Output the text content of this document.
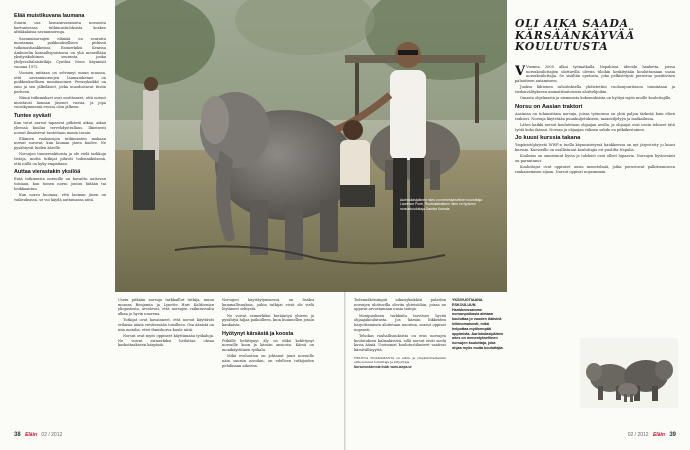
Elää muistikuvana laumana

Suurin osa luonnonvaraisista norsuista kartunteessa tutkimustuloksista koskee afrikkalaisia savannnorsuja.

Savanninorsujen elämää on seurattu muutamaa poikkeuksellisen pitkissä tutkimushankkeissa. Esimerkiksi Kenissa Amboselin kansallispuistossa on yhä meneillään yksityiskohtinen seuranta, jonka yhdysvaltalaistutkija Cynthia Moss käynnisti vuonna 1972.

Vuosien mittaan on selvinnyt muun muassa, että savanninorsujen laumarakenne on poikkeuksellisen monitasoinen. Perusyksikkö on emo ja sen jälkeläiset, jotka muodostavat tiiviin perheen.

Nämä tutkimukset ovat osoittaneet, että norsut muistavat lauman jäsenet vuosia, ja jopa vuosikymmeniä erossa olon jälkeen.

Tuntee syvästi

Kun tutut norsut tapaavat pitkästä aikaa, aikaa yleensä kuuluu tervehdystrallaus. Ilmeisesti norsut ilmaisevat tunteitaan monin tavoin.

Elämien vuoksirujen tutkimusten mukaan norsut suruvat, kun lauman jäsen kuolee. Ne pysähtyvät luiden äärelle.

Norsujen tunnereaktioista ja ole vielä tarkkoja tietoja, mutta tutkijat pitävät todennäköisenä, että niillä on kyky empatiaan.

Auttaa vierastakin yksilöä

Erää tutkimusta norsuille on havaittu auttavan toisiaan, kun toinen norsu joutuu hätään tai loukkaantuu.

Kun norsu huomaa, että lauman jäsen on vaikeuksissa, se voi käydä auttamassa niitä.

Usein pitkään norsuja tarkkaillut tutkija, muun muassa Benjamin ja Lynette Hart Kalifornian yliopistosta, arvelevat, että norsujen vaikutusvalta alkaa jo hyvin nuorena.

Tutkijat ovat havainneet, että norsut käyttävät erilaisia ääniä viestiessään toisilleen. Osa äänistä on niin matalia, ettei ihmiskorva kuule niitä.

Norsut ovat myös oppineet käyttämään työkaluja. Ne voivat esimerkiksi heiluttaa oksaa karkottaakseen kärpäsiä.

Norsujen käyttäytymisessä on lisäksi kummallisuuksia, joihin tutkijat eivät ole vielä löytäneet selitystä.

Ne voivat esimerkiksi kerääntyä yhteen ja pysähtyä hiljaa paikoilleen, kuin kuunnellen jotain kaukaista.

Hyötynyt kärsästä ja koosta

Pitkälle kehittynyt äly on ehkä kehittynyt norsuille koon ja kärsän ansiosta. Kärsä on monikäyttöinen työkalu.

Mikä evoluution on johtanut juuri norsuille näin suuriin aivoihin, on edelleen tutkijoiden pohdinnan aiheena.

38 Eläin 02 / 2012	02 / 2012 Eläin 39
Aurinkolasipäinen mies on menestyksellinen kouluttaja Laurence Poné, Ruotsalaistaisen mies on fyysinen norsunkouluttaja Dandra Kamala.
OLI AIKA SAADA KÄRSÄÄNKÄYVÄÄ KOULUTUSTA

Todennäköisimpiä aikuisyksikköä palattiin norsujen ulottuvilla oleviin yhteisöihin, joissa ne oppivat arvostamaan uusia taitoja.

Monipuolinen tarkkailu tarvitsee hyvää ohjaajakoulutusta. Jos kärsän liikkeiden harjoittaminen aloitetaan nuorena, norsut oppivat nopeasti.

Tehokas rauhallisuuksista on eräs norsujen koulutuksen kulmakivistä, sillä norsut eivät siedä kovia ääniä. Useimmat koulutustilanteet vaativat kärsivällisyyttä.

HELENA TILKKAMANTA on eläin- ja ympäristöaiheisiin erikoistunut toimittaja ja kirjoittaja

Norsuhankkeesta lisää: www.wwpa.se

YKSIVUOTIAANA ESKOULUUN.
Hankkeessamme norsunpoikasia aletaan kouluttaa jo vuoden ikäisinä leikinomaisesti, mikä helpottaa myöhempää oppimista. Aurinkolasipäinen mies on menestyksellinen norsujen kouluttaja, joka ohjaa myös muita kouluttajia.

V Vuonna 2005 alkoi työmatkalla Nepaliissa ideoidu hanketta, joissa norsukouluttajien ulottuvilla oleviin tiloihin keskitytään kouluttamaan uusia norsukouluttajia. Se sisältää opetusta, joka pelkistetysti perustuu positiivisen palautteen antamiseen.

Juoksu lähtenen rahoituksella yhdistettiin ruohonjuuritason toimintaan ja tiedonvälitykseen ammattitaitoisista aloittelijoihin.

Omasta ohjelmasta ja aiemmista kokemuksista on hyötyä myös muille kouluttajille.

Norsu on Aasian traktori

Aasiassa on tuhansittain norsuja, joissa työnormu on yhtä paljon tärkeää kuin elävä traktori. Norsuja käytetään puunkuljetukseen, maanviljelyyn ja matkailussa.

Lähes kaikki norsut koulutetaan ohjaajan avulla, ja ohjaajat ovat usein tehneet tätä työtä koko ikänsä. Norsun ja ohjaajan välinen suhde on pitkäkestoinen.

Jo kuusi kurssia takana

Ympäristöjärjestö WWF:n tuella käynnistetyssä hankkeessa on nyt järjestetty jo kuusi kurssia. Kursseille on osallistunut kouluttajia eri puolilta Nepalia.

Koulutus on onnistunut hyvin ja tulokset ovat olleet lupaavia. Norsujen hyvinvointi on parantunut.

Kouluttajat ovat oppineet uusia menetelmiä, jotka perustuvat palkitsemiseen rankaisemisen sijaan. Norsut oppivat nopeammin.
